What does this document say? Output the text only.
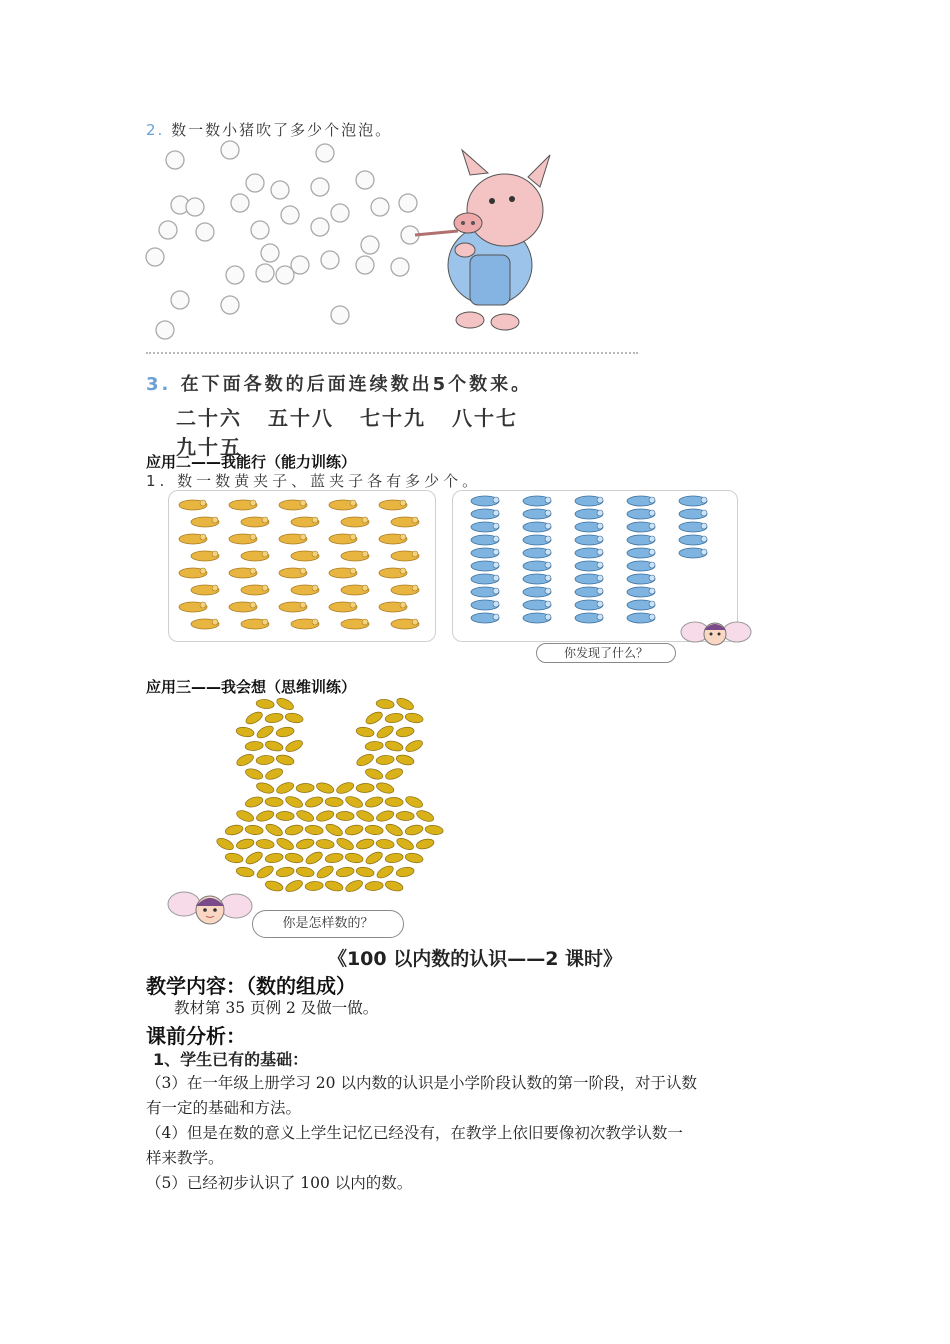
2. 数一数小猪吹了多少个泡泡。
3. 在下面各数的后面连续数出5个数来。
二十六 五十八 七十九 八十七九十五
应用二——我能行（能力训练）
1. 数一数黄夹子、蓝夹子各有多少个。
你发现了什么？
应用三——我会想（思维训练）
你是怎样数的？
《100 以内数的认识——2 课时》
教学内容：（数的组成）
教材第 35 页例 2 及做一做。
课前分析：
1、学生已有的基础：
（3）在一年级上册学习 20 以内数的认识是小学阶段认数的第一阶段，对于认数
有一定的基础和方法。
（4）但是在数的意义上学生记忆已经没有，在教学上依旧要像初次教学认数一
样来教学。
（5）已经初步认识了 100 以内的数。
